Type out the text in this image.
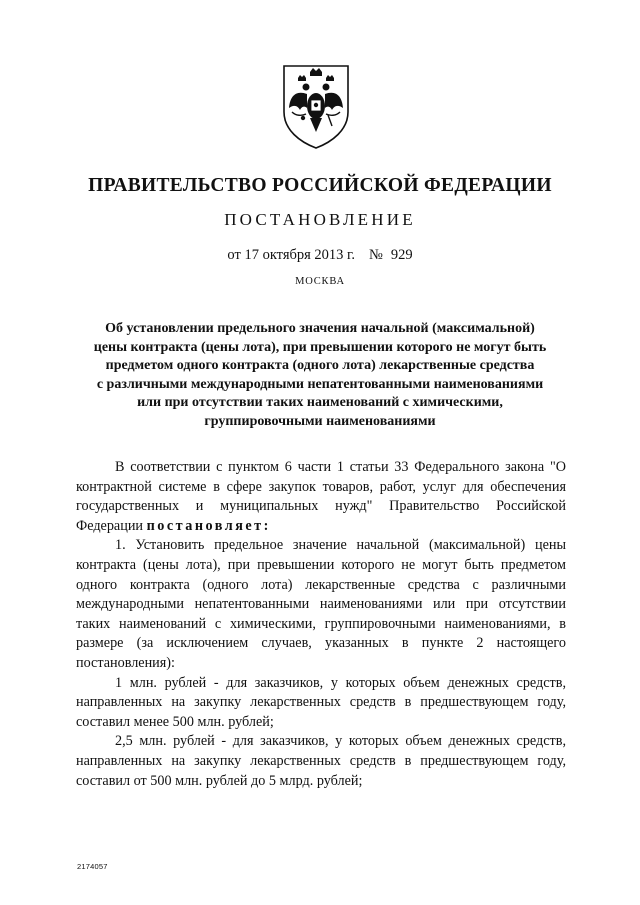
ПРАВИТЕЛЬСТВО РОССИЙСКОЙ ФЕДЕРАЦИИ
ПОСТАНОВЛЕНИЕ
от 17 октября 2013 г. № 929
МОСКВА
Об установлении предельного значения начальной (максимальной)
цены контракта (цены лота), при превышении которого не могут быть
предметом одного контракта (одного лота) лекарственные средства
с различными международными непатентованными наименованиями
или при отсутствии таких наименований с химическими,
группировочными наименованиями

В соответствии с пунктом 6 части 1 статьи 33 Федерального закона "О контрактной системе в сфере закупок товаров, работ, услуг для обеспечения государственных и муниципальных нужд" Правительство Российской Федерации постановляет:

1. Установить предельное значение начальной (максимальной) цены контракта (цены лота), при превышении которого не могут быть предметом одного контракта (одного лота) лекарственные средства с различными международными непатентованными наименованиями или при отсутствии таких наименований с химическими, группировочными наименованиями, в размере (за исключением случаев, указанных в пункте 2 настоящего постановления):

1 млн. рублей - для заказчиков, у которых объем денежных средств, направленных на закупку лекарственных средств в предшествующем году, составил менее 500 млн. рублей;

2,5 млн. рублей - для заказчиков, у которых объем денежных средств, направленных на закупку лекарственных средств в предшествующем году, составил от 500 млн. рублей до 5 млрд. рублей;

2174057
